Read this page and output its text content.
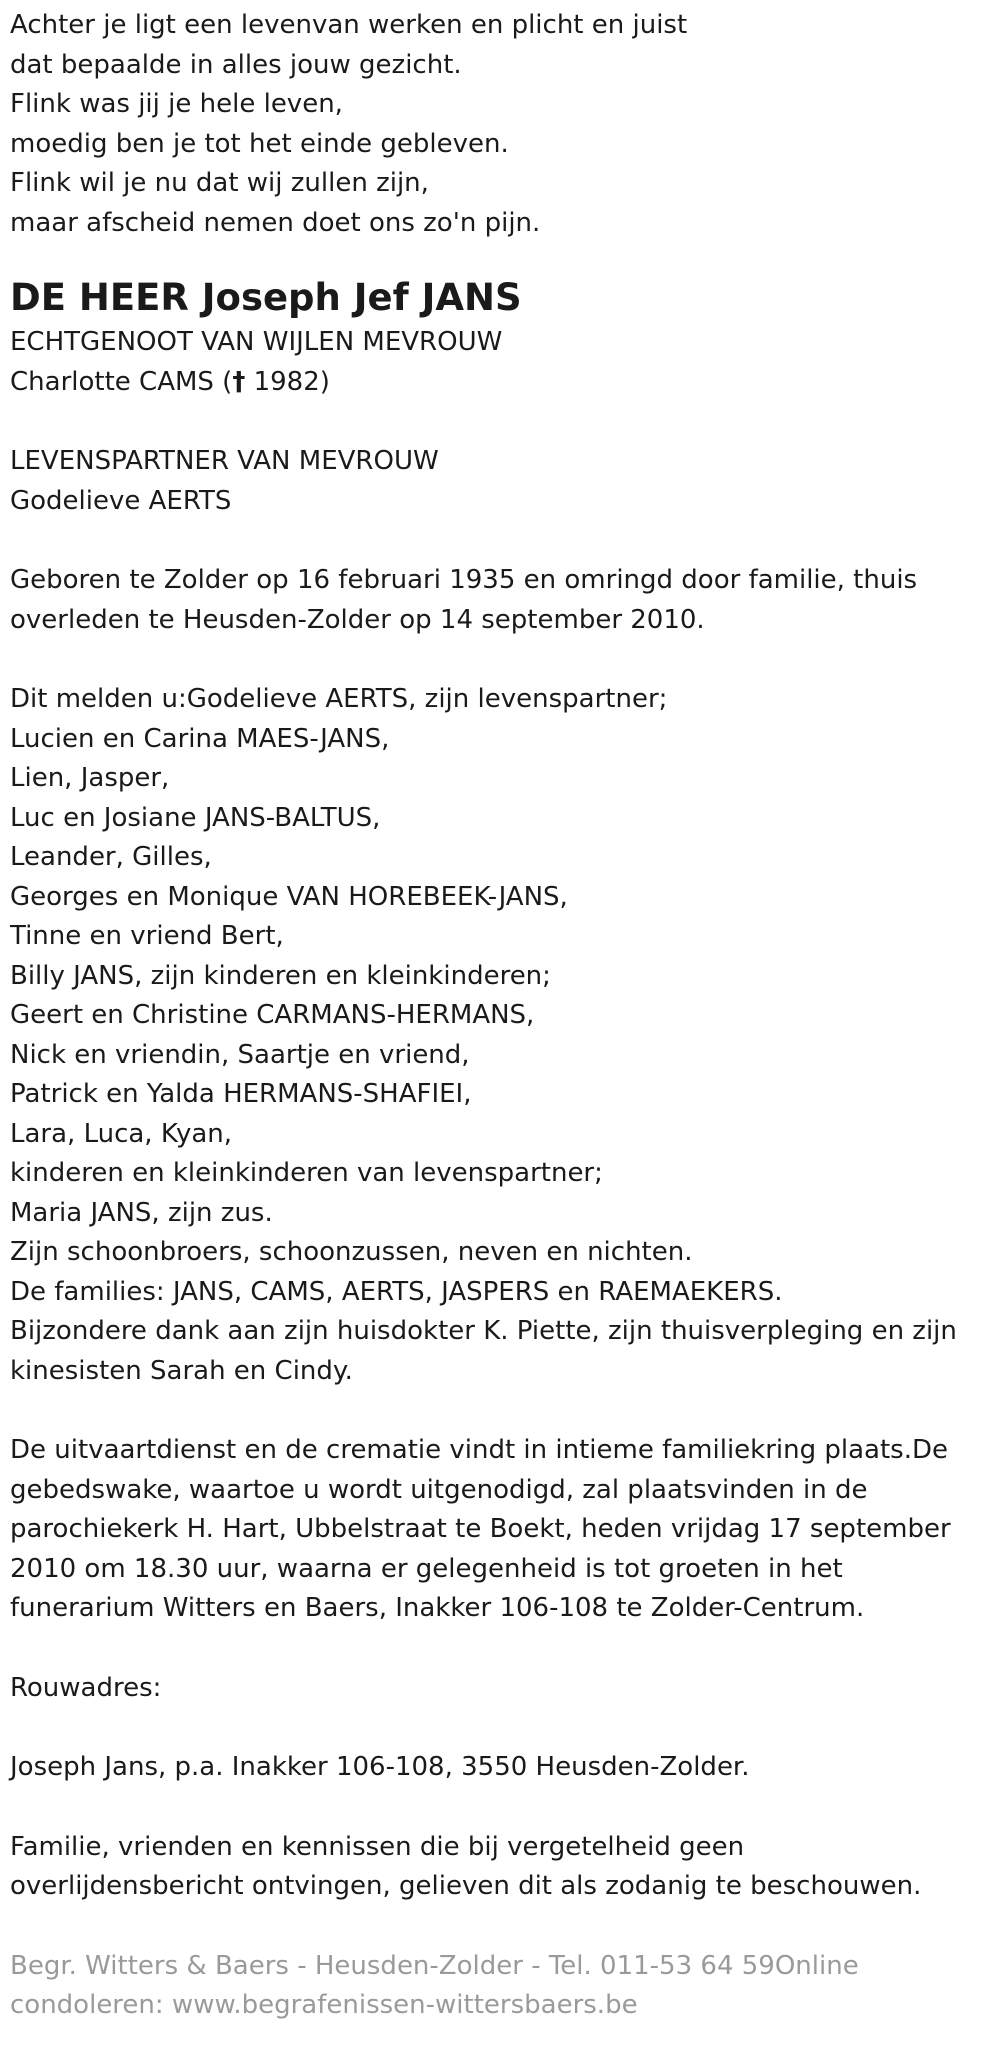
Achter je ligt een levenvan werken en plicht en juist
dat bepaalde in alles jouw gezicht.
Flink was jij je hele leven,
moedig ben je tot het einde gebleven.
Flink wil je nu dat wij zullen zijn,
maar afscheid nemen doet ons zo'n pijn.
DE HEER Joseph Jef JANS
ECHTGENOOT VAN WIJLEN MEVROUW
Charlotte CAMS († 1982)
LEVENSPARTNER VAN MEVROUW
Godelieve AERTS
Geboren te Zolder op 16 februari 1935 en omringd door familie, thuis
overleden te Heusden-Zolder op 14 september 2010.
Dit melden u:Godelieve AERTS, zijn levenspartner;
Lucien en Carina MAES-JANS,
Lien, Jasper,
Luc en Josiane JANS-BALTUS,
Leander, Gilles,
Georges en Monique VAN HOREBEEK-JANS,
Tinne en vriend Bert,
Billy JANS, zijn kinderen en kleinkinderen;
Geert en Christine CARMANS-HERMANS,
Nick en vriendin, Saartje en vriend,
Patrick en Yalda HERMANS-SHAFIEI,
Lara, Luca, Kyan,
kinderen en kleinkinderen van levenspartner;
Maria JANS, zijn zus.
Zijn schoonbroers, schoonzussen, neven en nichten.
De families: JANS, CAMS, AERTS, JASPERS en RAEMAEKERS.
Bijzondere dank aan zijn huisdokter K. Piette, zijn thuisverpleging en zijn
kinesisten Sarah en Cindy.
De uitvaartdienst en de crematie vindt in intieme familiekring plaats.De
gebedswake, waartoe u wordt uitgenodigd, zal plaatsvinden in de
parochiekerk H. Hart, Ubbelstraat te Boekt, heden vrijdag 17 september
2010 om 18.30 uur, waarna er gelegenheid is tot groeten in het
funerarium Witters en Baers, Inakker 106-108 te Zolder-Centrum.
Rouwadres:
Joseph Jans, p.a. Inakker 106-108, 3550 Heusden-Zolder.
Familie, vrienden en kennissen die bij vergetelheid geen
overlijdensbericht ontvingen, gelieven dit als zodanig te beschouwen.
Begr. Witters & Baers - Heusden-Zolder - Tel. 011-53 64 59Online
condoleren: www.begrafenissen-wittersbaers.be
